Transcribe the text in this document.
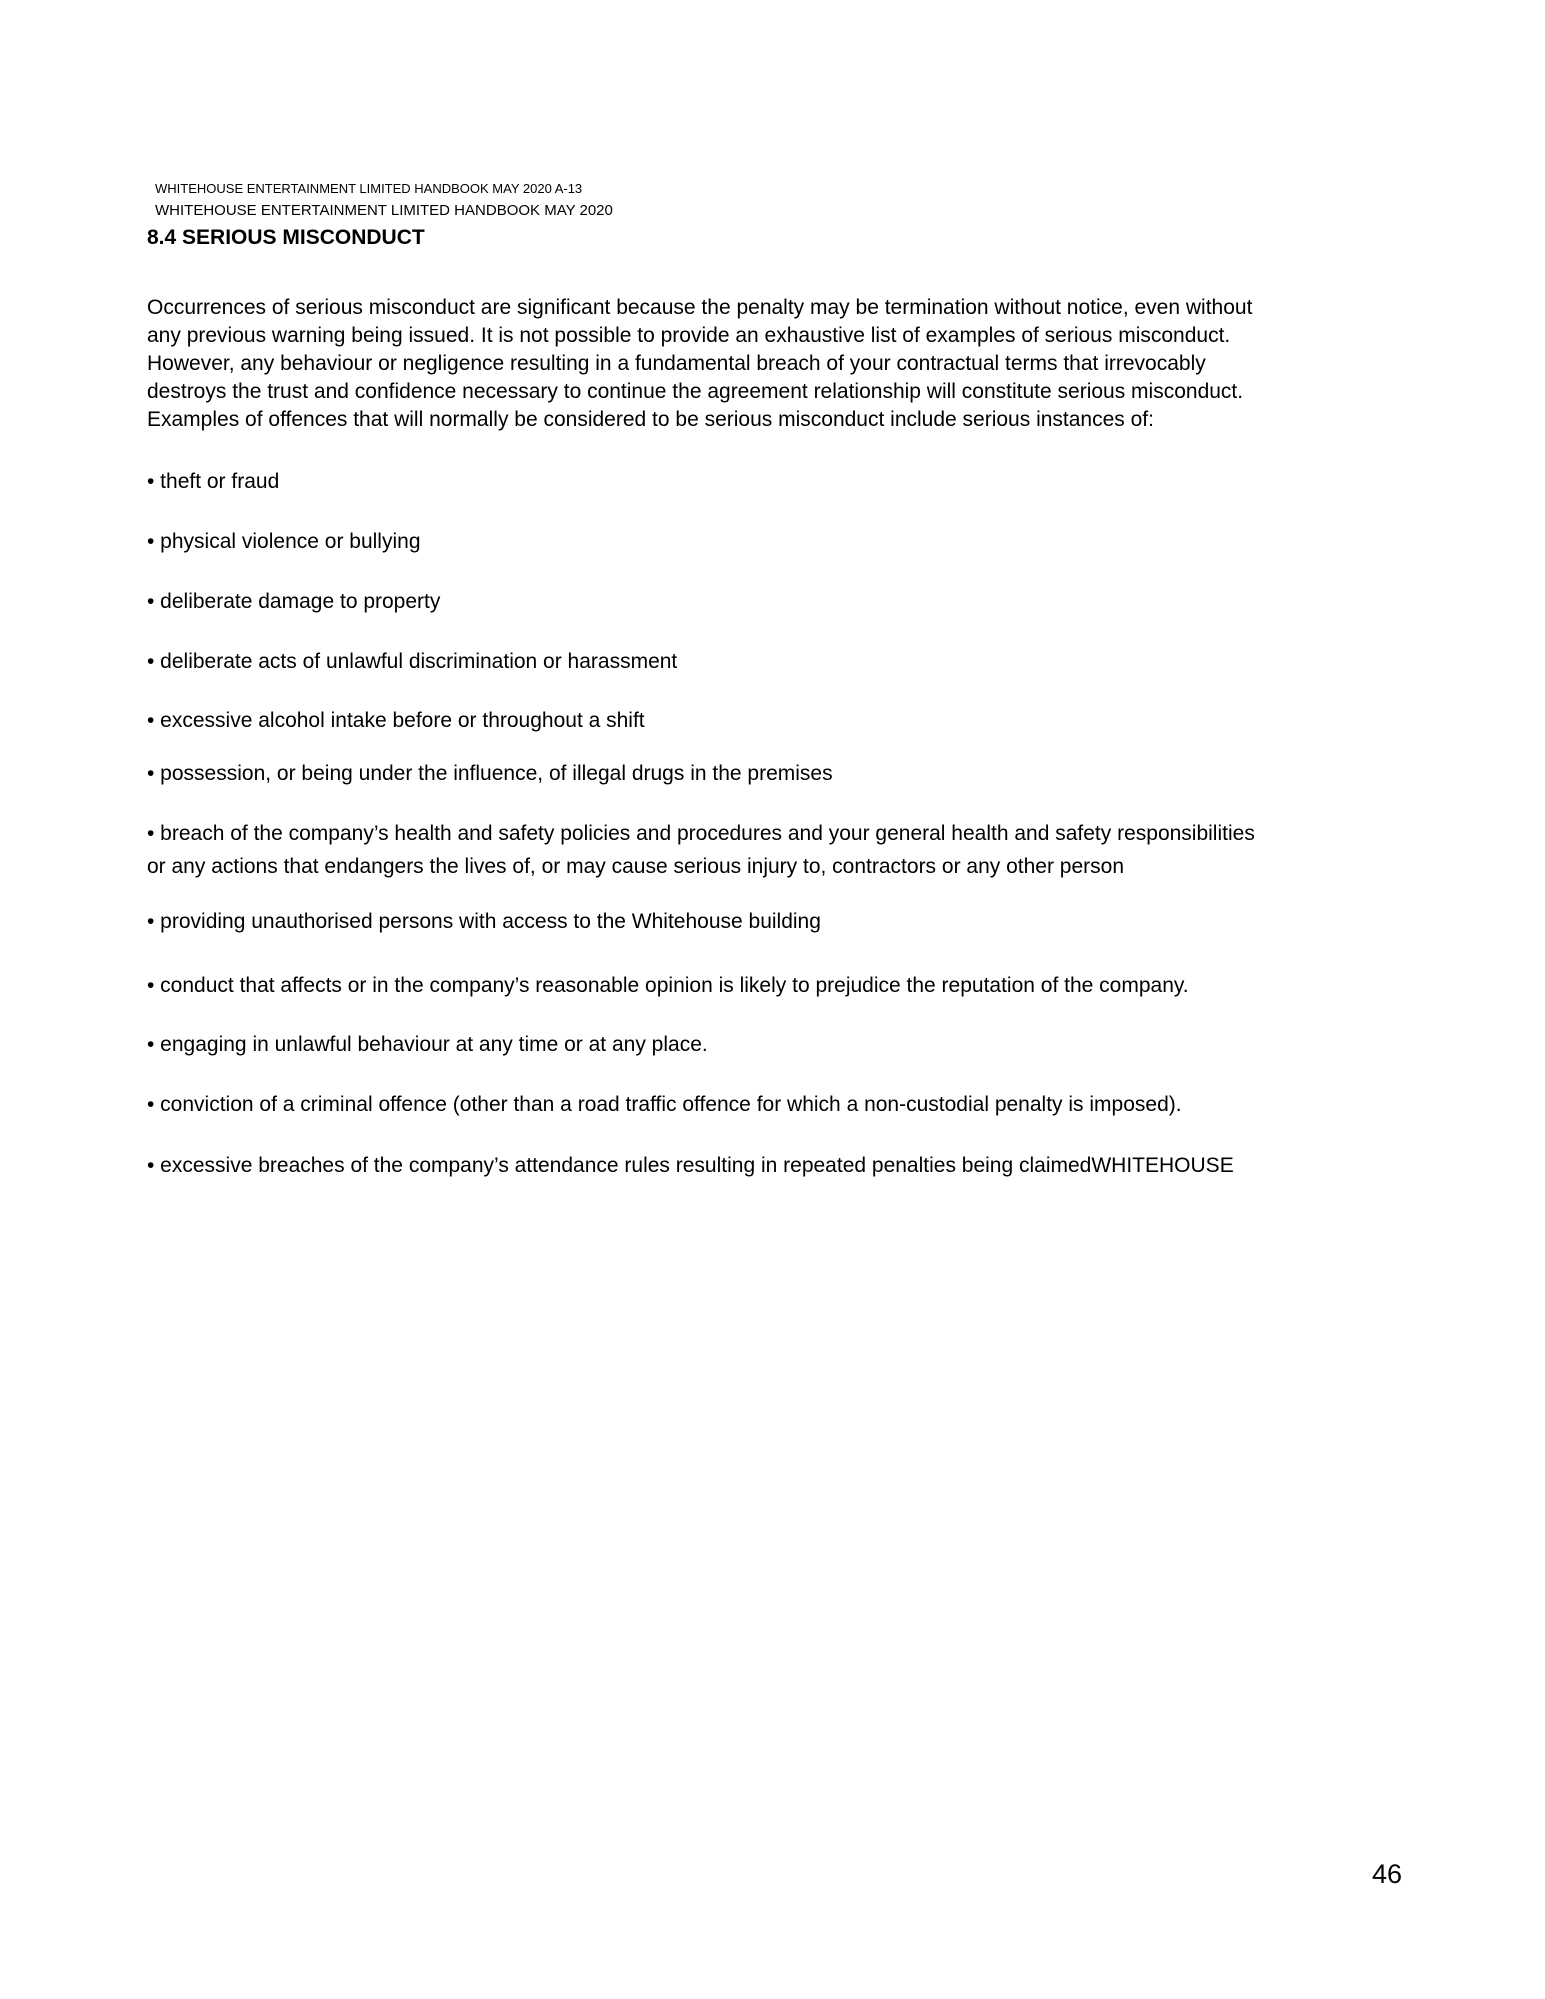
WHITEHOUSE ENTERTAINMENT LIMITED HANDBOOK MAY 2020 A-13
WHITEHOUSE ENTERTAINMENT LIMITED HANDBOOK MAY 2020
8.4 SERIOUS MISCONDUCT
Occurrences of serious misconduct are significant because the penalty may be termination without notice, even without
any previous warning being issued. It is not possible to provide an exhaustive list of examples of serious misconduct.
However, any behaviour or negligence resulting in a fundamental breach of your contractual terms that irrevocably
destroys the trust and confidence necessary to continue the agreement relationship will constitute serious misconduct.
Examples of offences that will normally be considered to be serious misconduct include serious instances of:
• theft or fraud
• physical violence or bullying
• deliberate damage to property
• deliberate acts of unlawful discrimination or harassment
• excessive alcohol intake before or throughout a shift
• possession, or being under the influence, of illegal drugs in the premises
• breach of the company’s health and safety policies and procedures and your general health and safety responsibilities
or any actions that endangers the lives of, or may cause serious injury to, contractors or any other person
• providing unauthorised persons with access to the Whitehouse building
• conduct that affects or in the company’s reasonable opinion is likely to prejudice the reputation of the company.
• engaging in unlawful behaviour at any time or at any place.
• conviction of a criminal offence (other than a road traffic offence for which a non-custodial penalty is imposed).
• excessive breaches of the company’s attendance rules resulting in repeated penalties being claimedWHITEHOUSE
46
